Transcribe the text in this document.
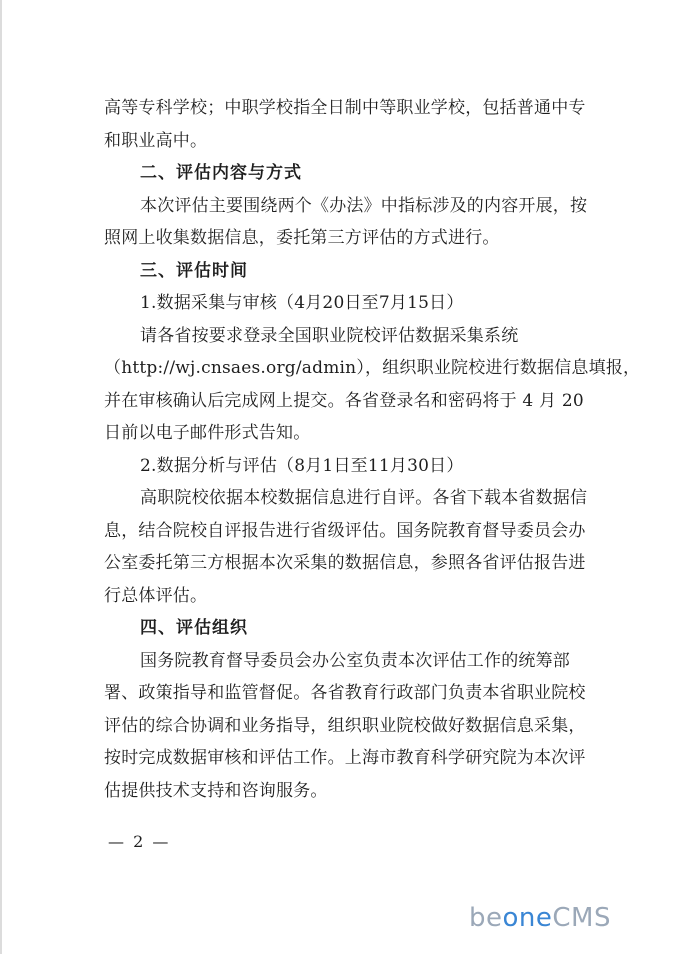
高等专科学校；中职学校指全日制中等职业学校，包括普通中专
和职业高中。
二、评估内容与方式
本次评估主要围绕两个《办法》中指标涉及的内容开展，按
照网上收集数据信息，委托第三方评估的方式进行。
三、评估时间
1.数据采集与审核（4月20日至7月15日）
请各省按要求登录全国职业院校评估数据采集系统
（http://wj.cnsaes.org/admin），组织职业院校进行数据信息填报，
并在审核确认后完成网上提交。各省登录名和密码将于 4 月 20
日前以电子邮件形式告知。
2.数据分析与评估（8月1日至11月30日）
高职院校依据本校数据信息进行自评。各省下载本省数据信
息，结合院校自评报告进行省级评估。国务院教育督导委员会办
公室委托第三方根据本次采集的数据信息，参照各省评估报告进
行总体评估。
四、评估组织
国务院教育督导委员会办公室负责本次评估工作的统筹部
署、政策指导和监管督促。各省教育行政部门负责本省职业院校
评估的综合协调和业务指导，组织职业院校做好数据信息采集，
按时完成数据审核和评估工作。上海市教育科学研究院为本次评
估提供技术支持和咨询服务。
— 2 —
beoneCMS
